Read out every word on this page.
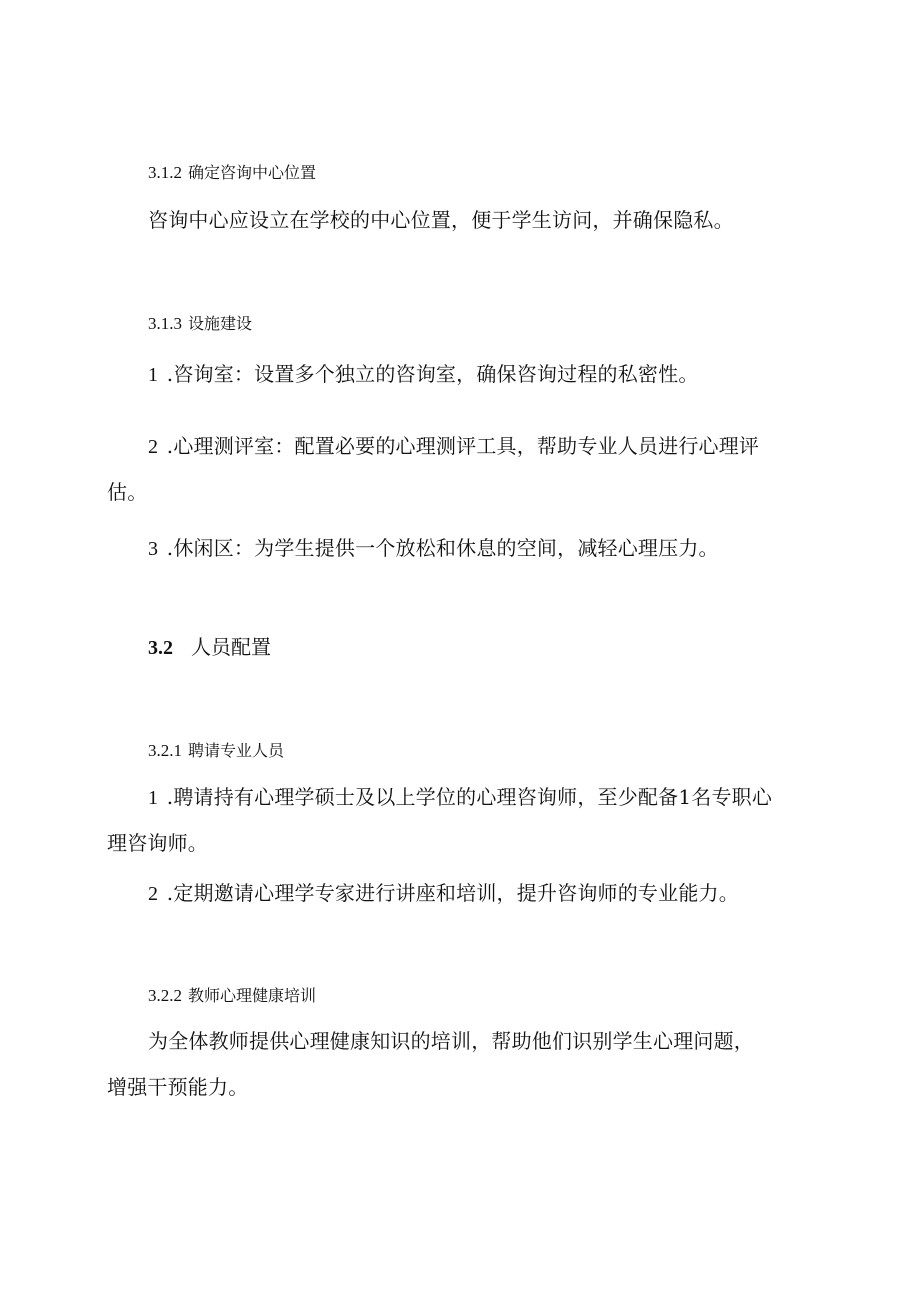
3.1.2 确定咨询中心位置
咨询中心应设立在学校的中心位置，便于学生访问，并确保隐私。
3.1.3 设施建设
1 .咨询室：设置多个独立的咨询室，确保咨询过程的私密性。
2 .心理测评室：配置必要的心理测评工具，帮助专业人员进行心理评
估。
3 .休闲区：为学生提供一个放松和休息的空间，减轻心理压力。
3.2 人员配置
3.2.1 聘请专业人员
1 .聘请持有心理学硕士及以上学位的心理咨询师，至少配备1名专职心
理咨询师。
2 .定期邀请心理学专家进行讲座和培训，提升咨询师的专业能力。
3.2.2 教师心理健康培训
为全体教师提供心理健康知识的培训，帮助他们识别学生心理问题，
增强干预能力。
